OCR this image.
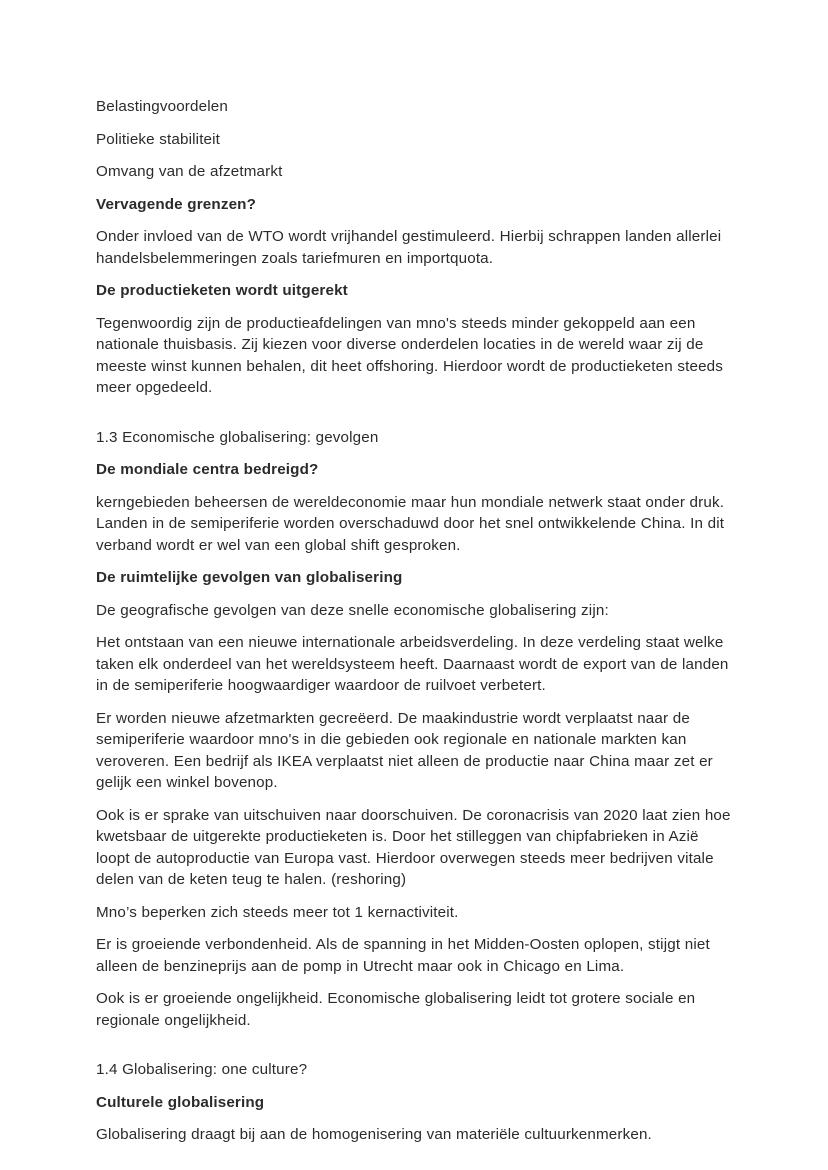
Belastingvoordelen

Politieke stabiliteit

Omvang van de afzetmarkt

Vervagende grenzen?

Onder invloed van de WTO wordt vrijhandel gestimuleerd. Hierbij schrappen landen allerlei handelsbelemmeringen zoals tariefmuren en importquota.

De productieketen wordt uitgerekt

Tegenwoordig zijn de productieafdelingen van mno's steeds minder gekoppeld aan een nationale thuisbasis. Zij kiezen voor diverse onderdelen locaties in de wereld waar zij de meeste winst kunnen behalen, dit heet offshoring. Hierdoor wordt de productieketen steeds meer opgedeeld.

1.3 Economische globalisering: gevolgen

De mondiale centra bedreigd?

kerngebieden beheersen de wereldeconomie maar hun mondiale netwerk staat onder druk. Landen in de semiperiferie worden overschaduwd door het snel ontwikkelende China. In dit verband wordt er wel van een global shift gesproken.

De ruimtelijke gevolgen van globalisering

De geografische gevolgen van deze snelle economische globalisering zijn:

Het ontstaan van een nieuwe internationale arbeidsverdeling. In deze verdeling staat welke taken elk onderdeel van het wereldsysteem heeft. Daarnaast wordt de export van de landen in de semiperiferie hoogwaardiger waardoor de ruilvoet verbetert.

Er worden nieuwe afzetmarkten gecreëerd. De maakindustrie wordt verplaatst naar de semiperiferie waardoor mno's in die gebieden ook regionale en nationale markten kan veroveren. Een bedrijf als IKEA verplaatst niet alleen de productie naar China maar zet er gelijk een winkel bovenop.

Ook is er sprake van uitschuiven naar doorschuiven. De coronacrisis van 2020 laat zien hoe kwetsbaar de uitgerekte productieketen is. Door het stilleggen van chipfabrieken in Azië loopt de autoproductie van Europa vast. Hierdoor overwegen steeds meer bedrijven vitale delen van de keten teug te halen. (reshoring)

Mno’s beperken zich steeds meer tot 1 kernactiviteit.

Er is groeiende verbondenheid. Als de spanning in het Midden-Oosten oplopen, stijgt niet alleen de benzineprijs aan de pomp in Utrecht maar ook in Chicago en Lima.

Ook is er groeiende ongelijkheid. Economische globalisering leidt tot grotere sociale en regionale ongelijkheid.

1.4 Globalisering: one culture?

Culturele globalisering

Globalisering draagt bij aan de homogenisering van materiële cultuurkenmerken.
